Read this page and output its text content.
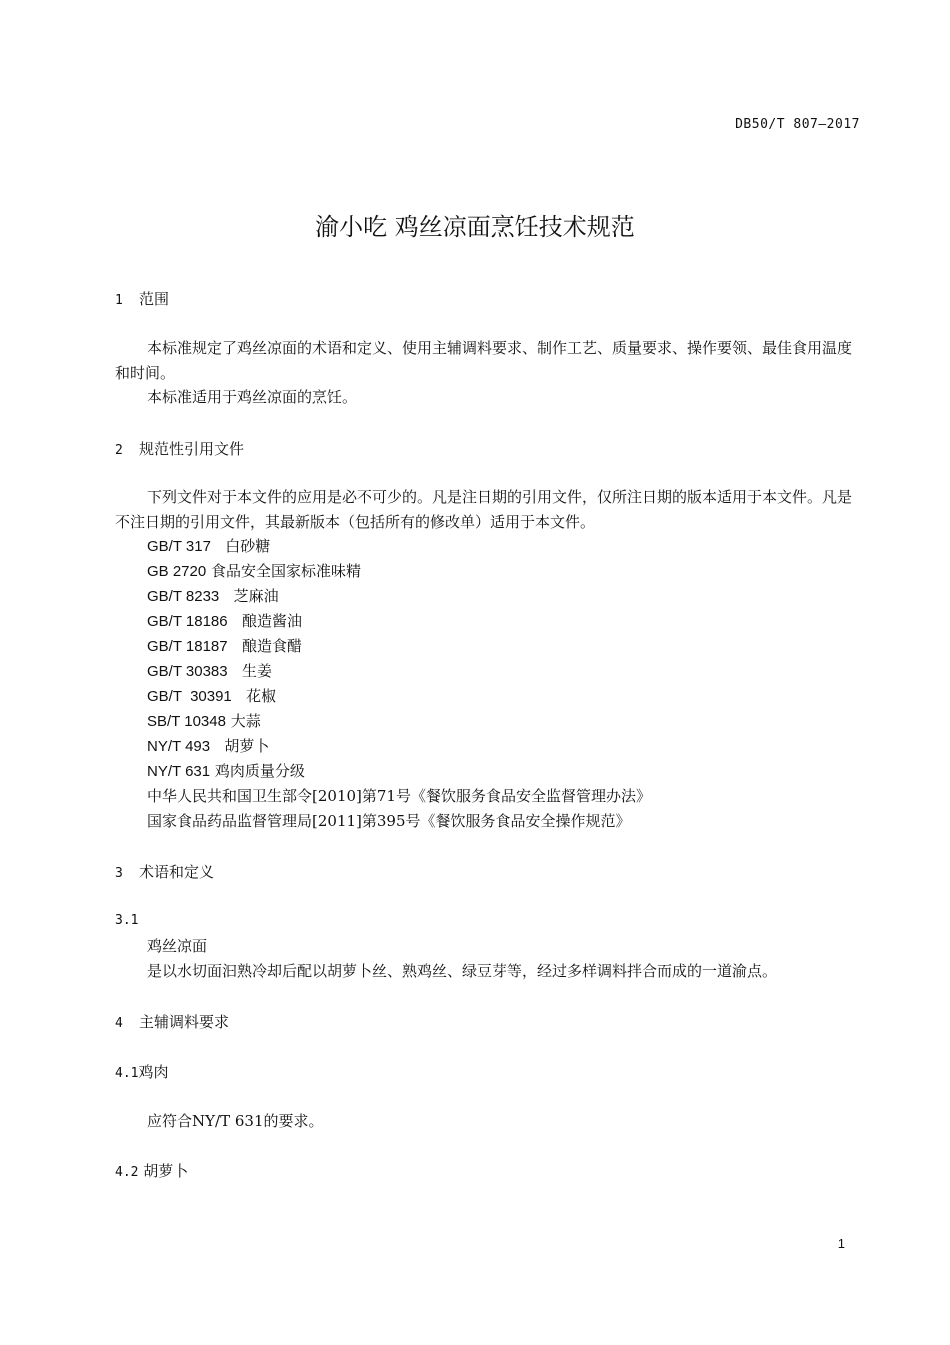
DB50/T 807—2017
渝小吃 鸡丝凉面烹饪技术规范
1 范围
本标准规定了鸡丝凉面的术语和定义、使用主辅调料要求、制作工艺、质量要求、操作要领、最佳食用温度和时间。
本标准适用于鸡丝凉面的烹饪。
2 规范性引用文件
下列文件对于本文件的应用是必不可少的。凡是注日期的引用文件，仅所注日期的版本适用于本文件。凡是不注日期的引用文件，其最新版本（包括所有的修改单）适用于本文件。
GB/T 317 白砂糖
GB 2720 食品安全国家标准味精
GB/T 8233 芝麻油
GB/T 18186 酿造酱油
GB/T 18187 酿造食醋
GB/T 30383 生姜
GB/T  30391 花椒
SB/T 10348 大蒜
NY/T 493 胡萝卜
NY/T 631 鸡肉质量分级
中华人民共和国卫生部令[2010]第71号《餐饮服务食品安全监督管理办法》
国家食品药品监督管理局[2011]第395号《餐饮服务食品安全操作规范》
3 术语和定义
3.1
鸡丝凉面
是以水切面汩熟冷却后配以胡萝卜丝、熟鸡丝、绿豆芽等，经过多样调料拌合而成的一道渝点。
4 主辅调料要求
4.1鸡肉
应符合NY/T 631的要求。
4.2 胡萝卜
1
